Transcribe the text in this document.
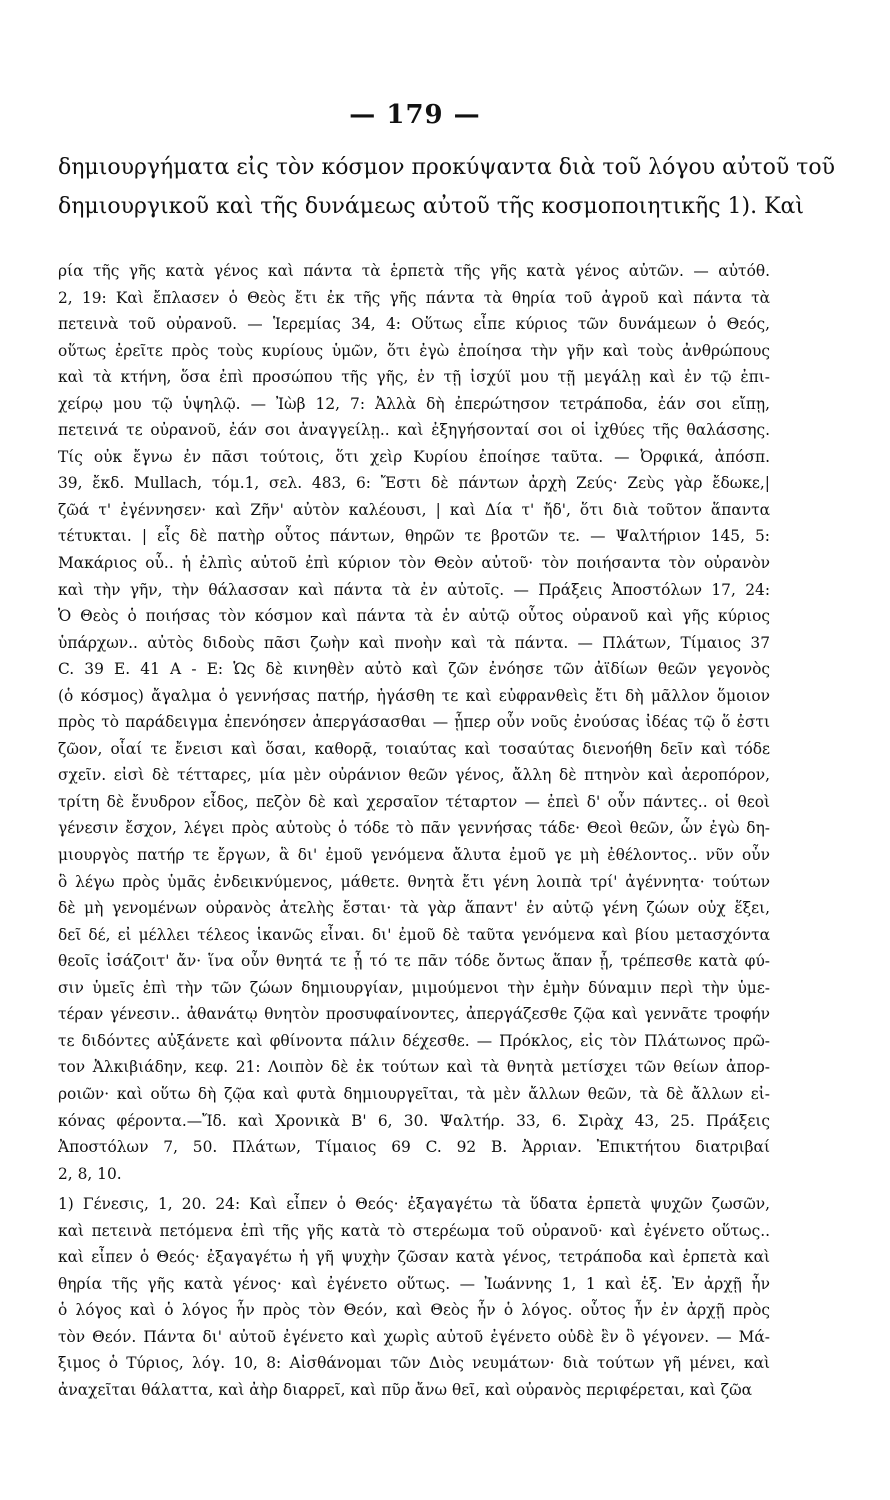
— 179 —
δημιουργήματα εἰς τὸν κόσμον προκύψαντα διὰ τοῦ λόγου αὐτοῦ τοῦ
δημιουργικοῦ καὶ τῆς δυνάμεως αὐτοῦ τῆς κοσμοποιητικῆς 1). Καὶ
ρία τῆς γῆς κατὰ γένος καὶ πάντα τὰ ἑρπετὰ τῆς γῆς κατὰ γένος αὐτῶν. — αὐτόθ.
2, 19: Καὶ ἔπλασεν ὁ Θεὸς ἔτι ἐκ τῆς γῆς πάντα τὰ θηρία τοῦ ἀγροῦ καὶ πάντα τὰ
πετεινὰ τοῦ οὐρανοῦ. — Ἱερεμίας 34, 4: Οὕτως εἶπε κύριος τῶν δυνάμεων ὁ Θεός,
οὕτως ἐρεῖτε πρὸς τοὺς κυρίους ὑμῶν, ὅτι ἐγὼ ἐποίησα τὴν γῆν καὶ τοὺς ἀνθρώπους
καὶ τὰ κτήνη, ὅσα ἐπὶ προσώπου τῆς γῆς, ἐν τῇ ἰσχύϊ μου τῇ μεγάλῃ καὶ ἐν τῷ ἐπι-
χείρῳ μου τῷ ὑψηλῷ. — Ἰὼβ 12, 7: Ἀλλὰ δὴ ἐπερώτησον τετράποδα, ἐάν σοι εἴπῃ,
πετεινά τε οὐρανοῦ, ἐάν σοι ἀναγγείλῃ.. καὶ ἐξηγήσονταί σοι οἱ ἰχθύες τῆς θαλάσσης.
Τίς οὐκ ἔγνω ἐν πᾶσι τούτοις, ὅτι χεὶρ Κυρίου ἐποίησε ταῦτα. — Ὀρφικά, ἀπόσπ.
39, ἔκδ. Mullach, τόμ.1, σελ. 483, 6: Ἔστι δὲ πάντων ἀρχὴ Ζεύς· Ζεὺς γὰρ ἔδωκε,|
ζῶά τ' ἐγέννησεν· καὶ Ζῆν' αὐτὸν καλέουσι, | καὶ Δία τ' ἤδ', ὅτι διὰ τοῦτον ἅπαντα
τέτυκται. | εἷς δὲ πατὴρ οὗτος πάντων, θηρῶν τε βροτῶν τε. — Ψαλτήριον 145, 5:
Μακάριος οὗ.. ἡ ἐλπὶς αὐτοῦ ἐπὶ κύριον τὸν Θεὸν αὐτοῦ· τὸν ποιήσαντα τὸν οὐρανὸν
καὶ τὴν γῆν, τὴν θάλασσαν καὶ πάντα τὰ ἐν αὐτοῖς. — Πράξεις Ἀποστόλων 17, 24:
Ὁ Θεὸς ὁ ποιήσας τὸν κόσμον καὶ πάντα τὰ ἐν αὐτῷ οὗτος οὐρανοῦ καὶ γῆς κύριος
ὑπάρχων.. αὐτὸς διδοὺς πᾶσι ζωὴν καὶ πνοὴν καὶ τὰ πάντα. — Πλάτων, Τίμαιος 37
C. 39 E. 41 A - E: Ὡς δὲ κινηθὲν αὐτὸ καὶ ζῶν ἐνόησε τῶν ἀϊδίων θεῶν γεγονὸς
(ὁ κόσμος) ἄγαλμα ὁ γεννήσας πατήρ, ἠγάσθη τε καὶ εὐφρανθεὶς ἔτι δὴ μᾶλλον ὅμοιον
πρὸς τὸ παράδειγμα ἐπενόησεν ἀπεργάσασθαι — ᾗπερ οὖν νοῦς ἐνούσας ἰδέας τῷ ὅ ἐστι
ζῶον, οἷαί τε ἔνεισι καὶ ὅσαι, καθορᾷ, τοιαύτας καὶ τοσαύτας διενοήθη δεῖν καὶ τόδε
σχεῖν. εἰσὶ δὲ τέτταρες, μία μὲν οὐράνιον θεῶν γένος, ἄλλη δὲ πτηνὸν καὶ ἀεροπόρον,
τρίτη δὲ ἔνυδρον εἶδος, πεζὸν δὲ καὶ χερσαῖον τέταρτον — ἐπεὶ δ' οὖν πάντες.. οἱ θεοὶ
γένεσιν ἔσχον, λέγει πρὸς αὐτοὺς ὁ τόδε τὸ πᾶν γεννήσας τάδε· Θεοὶ θεῶν, ὧν ἐγὼ δη-
μιουργὸς πατήρ τε ἔργων, ἃ δι' ἐμοῦ γενόμενα ἄλυτα ἐμοῦ γε μὴ ἐθέλοντος.. νῦν οὖν
ὃ λέγω πρὸς ὑμᾶς ἐνδεικνύμενος, μάθετε. θνητὰ ἔτι γένη λοιπὰ τρί' ἀγέννητα· τούτων
δὲ μὴ γενομένων οὐρανὸς ἀτελὴς ἔσται· τὰ γὰρ ἅπαντ' ἐν αὐτῷ γένη ζώων οὐχ ἕξει,
δεῖ δέ, εἰ μέλλει τέλεος ἱκανῶς εἶναι. δι' ἐμοῦ δὲ ταῦτα γενόμενα καὶ βίου μετασχόντα
θεοῖς ἰσάζοιτ' ἄν· ἵνα οὖν θνητά τε ᾖ τό τε πᾶν τόδε ὄντως ἅπαν ᾖ, τρέπεσθε κατὰ φύ-
σιν ὑμεῖς ἐπὶ τὴν τῶν ζώων δημιουργίαν, μιμούμενοι τὴν ἐμὴν δύναμιν περὶ τὴν ὑμε-
τέραν γένεσιν.. ἀθανάτῳ θνητὸν προσυφαίνοντες, ἀπεργάζεσθε ζῷα καὶ γεννᾶτε τροφήν
τε διδόντες αὐξάνετε καὶ φθίνοντα πάλιν δέχεσθε. — Πρόκλος, εἰς τὸν Πλάτωνος πρῶ-
τον Ἀλκιβιάδην, κεφ. 21: Λοιπὸν δὲ ἐκ τούτων καὶ τὰ θνητὰ μετίσχει τῶν θείων ἀπορ-
ροιῶν· καὶ οὕτω δὴ ζῷα καὶ φυτὰ δημιουργεῖται, τὰ μὲν ἄλλων θεῶν, τὰ δὲ ἄλλων εἰ-
κόνας φέροντα.—Ἴδ. καὶ Χρονικὰ Β' 6, 30. Ψαλτήρ. 33, 6. Σιρὰχ 43, 25. Πράξεις
Ἀποστόλων 7, 50. Πλάτων, Τίμαιος 69 C. 92 B. Ἀρριαν. Ἐπικτήτου διατριβαί
2, 8, 10.
1) Γένεσις, 1, 20. 24: Καὶ εἶπεν ὁ Θεός· ἐξαγαγέτω τὰ ὕδατα ἑρπετὰ ψυχῶν ζωσῶν,
καὶ πετεινὰ πετόμενα ἐπὶ τῆς γῆς κατὰ τὸ στερέωμα τοῦ οὐρανοῦ· καὶ ἐγένετο οὕτως..
καὶ εἶπεν ὁ Θεός· ἐξαγαγέτω ἡ γῆ ψυχὴν ζῶσαν κατὰ γένος, τετράποδα καὶ ἑρπετὰ καὶ
θηρία τῆς γῆς κατὰ γένος· καὶ ἐγένετο οὕτως. — Ἰωάννης 1, 1 καὶ ἑξ. Ἐν ἀρχῇ ἦν
ὁ λόγος καὶ ὁ λόγος ἦν πρὸς τὸν Θεόν, καὶ Θεὸς ἦν ὁ λόγος. οὗτος ἦν ἐν ἀρχῇ πρὸς
τὸν Θεόν. Πάντα δι' αὐτοῦ ἐγένετο καὶ χωρὶς αὐτοῦ ἐγένετο οὐδὲ ἓν ὃ γέγονεν. — Μά-
ξιμος ὁ Τύριος, λόγ. 10, 8: Αἰσθάνομαι τῶν Διὸς νευμάτων· διὰ τούτων γῆ μένει, καὶ
ἀναχεῖται θάλαττα, καὶ ἀὴρ διαρρεῖ, καὶ πῦρ ἄνω θεῖ, καὶ οὐρανὸς περιφέρεται, καὶ ζῶα
